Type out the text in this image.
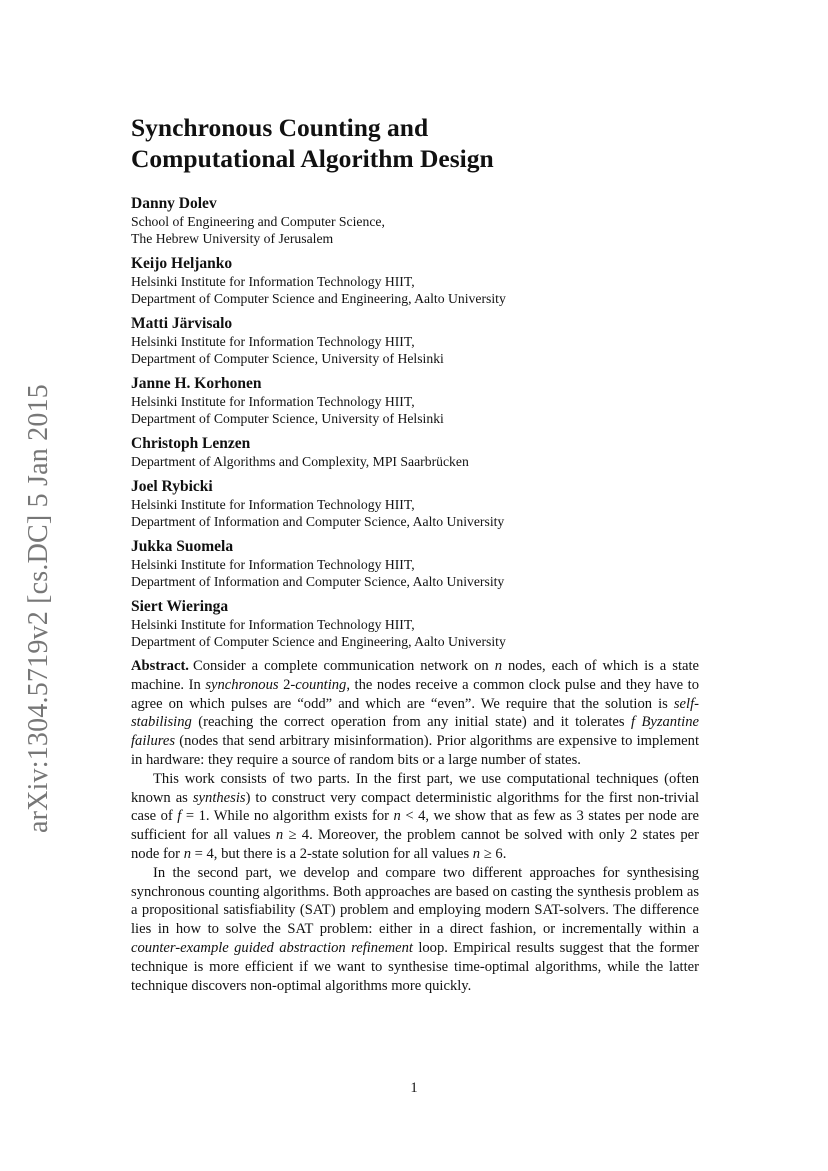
arXiv:1304.5719v2 [cs.DC] 5 Jan 2015
Synchronous Counting and
Computational Algorithm Design
Danny Dolev
School of Engineering and Computer Science,
The Hebrew University of Jerusalem
Keijo Heljanko
Helsinki Institute for Information Technology HIIT,
Department of Computer Science and Engineering, Aalto University
Matti Järvisalo
Helsinki Institute for Information Technology HIIT,
Department of Computer Science, University of Helsinki
Janne H. Korhonen
Helsinki Institute for Information Technology HIIT,
Department of Computer Science, University of Helsinki
Christoph Lenzen
Department of Algorithms and Complexity, MPI Saarbrücken
Joel Rybicki
Helsinki Institute for Information Technology HIIT,
Department of Information and Computer Science, Aalto University
Jukka Suomela
Helsinki Institute for Information Technology HIIT,
Department of Information and Computer Science, Aalto University
Siert Wieringa
Helsinki Institute for Information Technology HIIT,
Department of Computer Science and Engineering, Aalto University

Abstract. Consider a complete communication network on n nodes, each of which is a state machine. In synchronous 2-counting, the nodes receive a common clock pulse and they have to agree on which pulses are “odd” and which are “even”. We require that the solution is self-stabilising (reaching the correct operation from any initial state) and it tolerates f Byzantine failures (nodes that send arbitrary misinformation). Prior algorithms are expensive to implement in hardware: they require a source of random bits or a large number of states.

This work consists of two parts. In the first part, we use computational techniques (often known as synthesis) to construct very compact deterministic algorithms for the first non-trivial case of f = 1. While no algorithm exists for n < 4, we show that as few as 3 states per node are sufficient for all values n ≥ 4. Moreover, the problem cannot be solved with only 2 states per node for n = 4, but there is a 2-state solution for all values n ≥ 6.

In the second part, we develop and compare two different approaches for synthesising synchronous counting algorithms. Both approaches are based on casting the synthesis problem as a propositional satisfiability (SAT) problem and employing modern SAT-solvers. The difference lies in how to solve the SAT problem: either in a direct fashion, or incrementally within a counter-example guided abstraction refinement loop. Empirical results suggest that the former technique is more efficient if we want to synthesise time-optimal algorithms, while the latter technique discovers non-optimal algorithms more quickly.

1
